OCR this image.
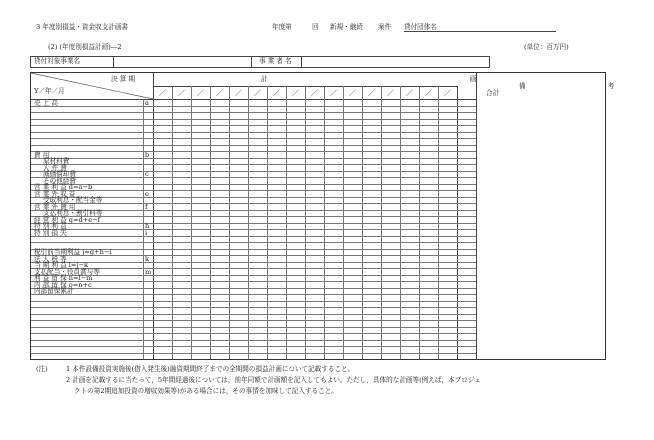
3 年度別損益・資金収支計画書	年度第	回 新規・継続 案件 貸付団体名
(2) (年度別損益計画)―2	(単位：百万円)
貸付対象事業名	事 業 者 名
決 算 期
Y／年／月
計 画
合計
備 考
／ ／ ／ ／ ／ ／ ／ ／ ／ ／ ／ ／ ／ ／ ／ ／
売 上 高	a
費 用	b
原材料費
人 件 費
減価償却費	c
その他経費
営 業 利 益 d=a−b
営 業 外 収 益	e
受取利息・配当金等
営 業 外 費 用	f
支払利息・割引料等
経 常 利 益 g=d+e−f
特 別 利 益	h
特 別 損 失	i
税引前当期利益 j=g+h−i
法 人 税 等	k
当 期 利 益 l=j−k
支払配当・役員賞与等	m
利 益 留 保 n=l−m
内 部 留 保 o=n+c
内部留保累計
(注)	1 本件設備投資実施後(借入発生後)融資期間終了までの全期間の損益計画について記載すること。
2 計画を記載するに当たって，5年間経過後については，前年同額で計画額を記入してもよい。ただし，具体的な計画等(例えば，本プロジェ
クトの第2期追加投資の増収効果等)がある場合には，その事情を加味して記入すること。
